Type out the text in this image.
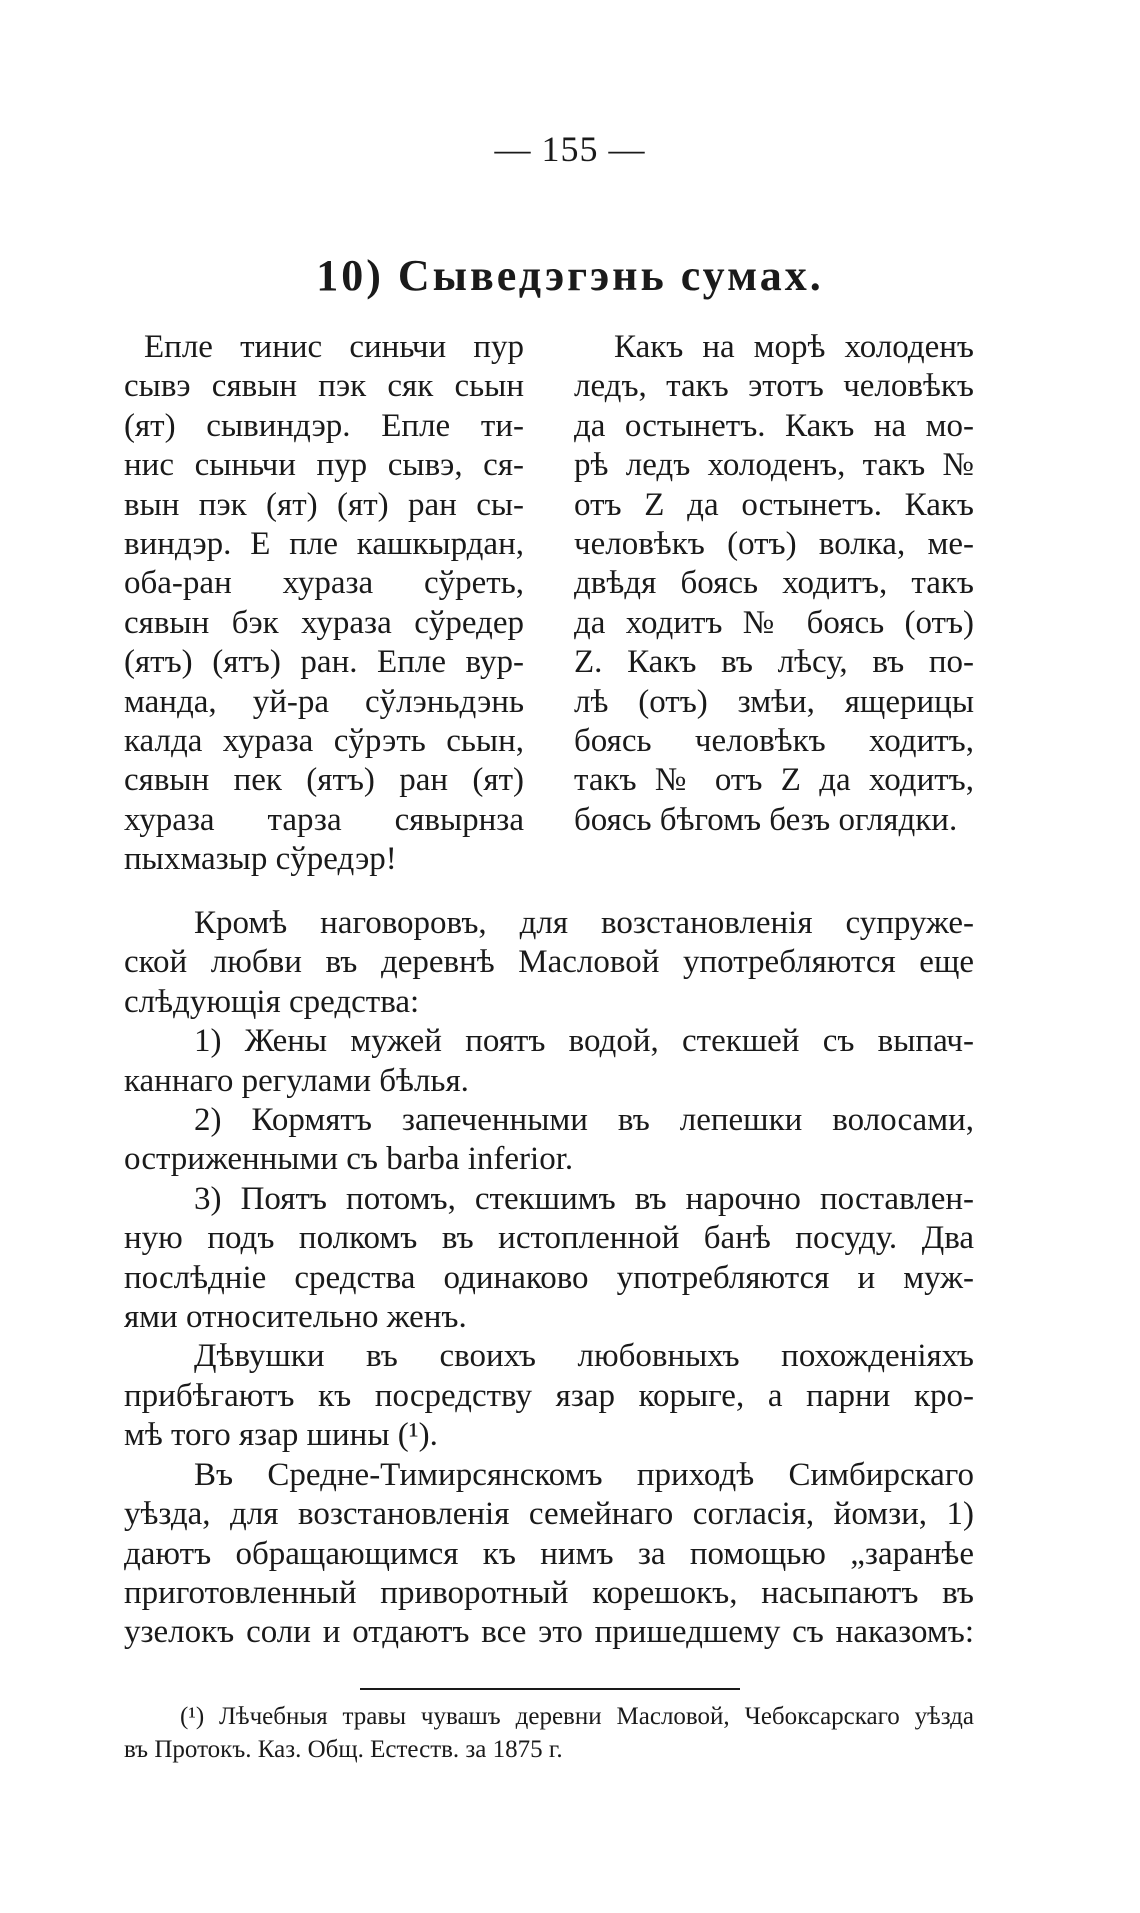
— 155 —
10) Сыведэгэнь сумах.
Епле тинис синьчи пур
сывэ сявын пэк сяк сьын
(ят) сывиндэр. Епле ти-
нис сыньчи пур сывэ, ся-
вын пэк (ят) (ят) ран сы-
виндэр. Е пле кашкырдан,
оба-ран хураза сўреть,
сявын бэк хураза сўредер
(ятъ) (ятъ) ран. Епле вур-
манда, уй-ра сўлэньдэнь
калда хураза сўрэть сьын,
сявын пек (ятъ) ран (ят)
хураза тарза сявырнза
пыхмазыр сўредэр!
Какъ на морѣ холоденъ
ледъ, такъ этотъ человѣкъ
да остынетъ. Какъ на мо-
рѣ ледъ холоденъ, такъ №
отъ Z да остынетъ. Какъ
человѣкъ (отъ) волка, ме-
двѣдя боясь ходитъ, такъ
да ходитъ № боясь (отъ)
Z. Какъ въ лѣсу, въ по-
лѣ (отъ) змѣи, ящерицы
боясь человѣкъ ходитъ,
такъ № отъ Z да ходитъ,
боясь бѣгомъ безъ оглядки.
Кромѣ наговоровъ, для возстановленія супруже-
ской любви въ деревнѣ Масловой употребляются еще
слѣдующія средства:
1) Жены мужей поятъ водой, стекшей съ выпач-
каннаго регулами бѣлья.
2) Кормятъ запеченными въ лепешки волосами,
остриженными съ barba inferior.
3) Поятъ потомъ, стекшимъ въ нарочно поставлен-
ную подъ полкомъ въ истопленной банѣ посуду. Два
послѣдніе средства одинаково употребляются и муж-
ями относительно женъ.
Дѣвушки въ своихъ любовныхъ похожденіяхъ
прибѣгаютъ къ посредству язар корыге, а парни кро-
мѣ того язар шины (¹).
Въ Средне-Тимирсянскомъ приходѣ Симбирскаго
уѣзда, для возстановленія семейнаго согласія, йомзи, 1)
даютъ обращающимся къ нимъ за помощью „заранѣе
приготовленный приворотный корешокъ, насыпаютъ въ
узелокъ соли и отдаютъ все это пришедшему съ наказомъ:
(¹) Лѣчебныя травы чувашъ деревни Масловой, Чебоксарскаго уѣзда
въ Протокъ. Каз. Общ. Естеств. за 1875 г.
